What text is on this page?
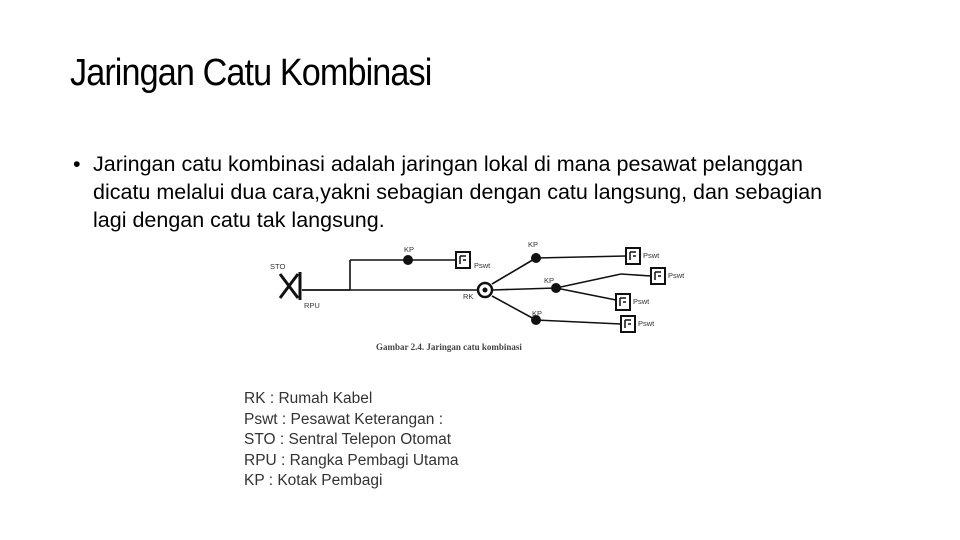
Jaringan Catu Kombinasi
• Jaringan catu kombinasi adalah jaringan lokal di mana pesawat pelanggan dicatu melalui dua cara,yakni sebagian dengan catu langsung, dan sebagian lagi dengan catu tak langsung.
STO
RPU
KP
Pswt
RK
KP
KP
KP
Pswt
Pswt
Pswt
Pswt
Gambar 2.4. Jaringan catu kombinasi
RK : Rumah Kabel
Pswt : Pesawat Keterangan :
STO : Sentral Telepon Otomat
RPU : Rangka Pembagi Utama
KP : Kotak Pembagi
